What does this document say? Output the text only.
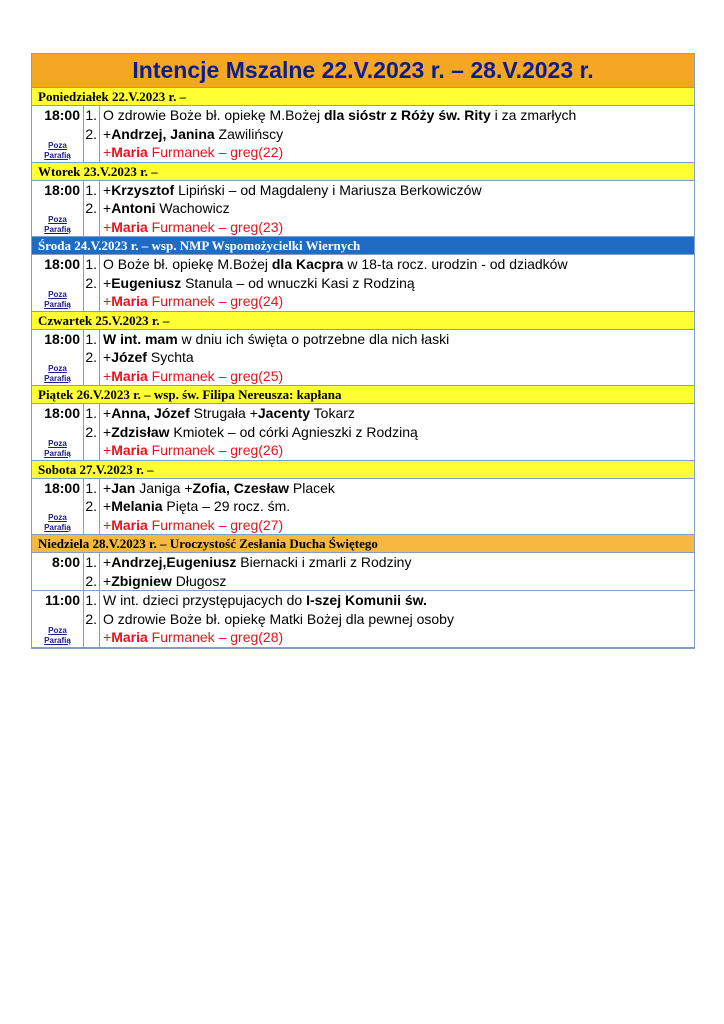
Intencje Mszalne 22.V.2023 r. – 28.V.2023 r.
Poniedziałek 22.V.2023 r. –
18:00
Poza
Parafią
1.
2.
O zdrowie Boże bł. opiekę M.Bożej dla sióstr z Róży św. Rity i za zmarłych
+Andrzej, Janina Zawilińscy
+Maria Furmanek – greg(22)
Wtorek 23.V.2023 r. –
18:00
Poza
Parafią
1.
2.
+Krzysztof Lipiński – od Magdaleny i Mariusza Berkowiczów
+Antoni Wachowicz
+Maria Furmanek – greg(23)
Środa 24.V.2023 r. – wsp. NMP Wspomożycielki Wiernych
18:00
Poza
Parafią
1.
2.
O Boże bł. opiekę M.Bożej dla Kacpra w 18-ta rocz. urodzin - od dziadków
+Eugeniusz Stanula – od wnuczki Kasi z Rodziną
+Maria Furmanek – greg(24)
Czwartek 25.V.2023 r. –
18:00
Poza
Parafią
1.
2.
W int. mam w dniu ich święta o potrzebne dla nich łaski
+Józef Sychta
+Maria Furmanek – greg(25)
Piątek 26.V.2023 r. – wsp. św. Filipa Nereusza: kapłana
18:00
Poza
Parafią
1.
2.
+Anna, Józef Strugała +Jacenty Tokarz
+Zdzisław Kmiotek – od córki Agnieszki z Rodziną
+Maria Furmanek – greg(26)
Sobota 27.V.2023 r. –
18:00
Poza
Parafią
1.
2.
+Jan Janiga +Zofia, Czesław Placek
+Melania Pięta – 29 rocz. śm.
+Maria Furmanek – greg(27)
Niedziela 28.V.2023 r. – Uroczystość Zesłania Ducha Świętego
8:00 1.
2.
+Andrzej,Eugeniusz Biernacki i zmarli z Rodziny
+Zbigniew Długosz
11:00
Poza
Parafią
1.
2.
W int. dzieci przystępujacych do I-szej Komunii św.
O zdrowie Boże bł. opiekę Matki Bożej dla pewnej osoby
+Maria Furmanek – greg(28)
